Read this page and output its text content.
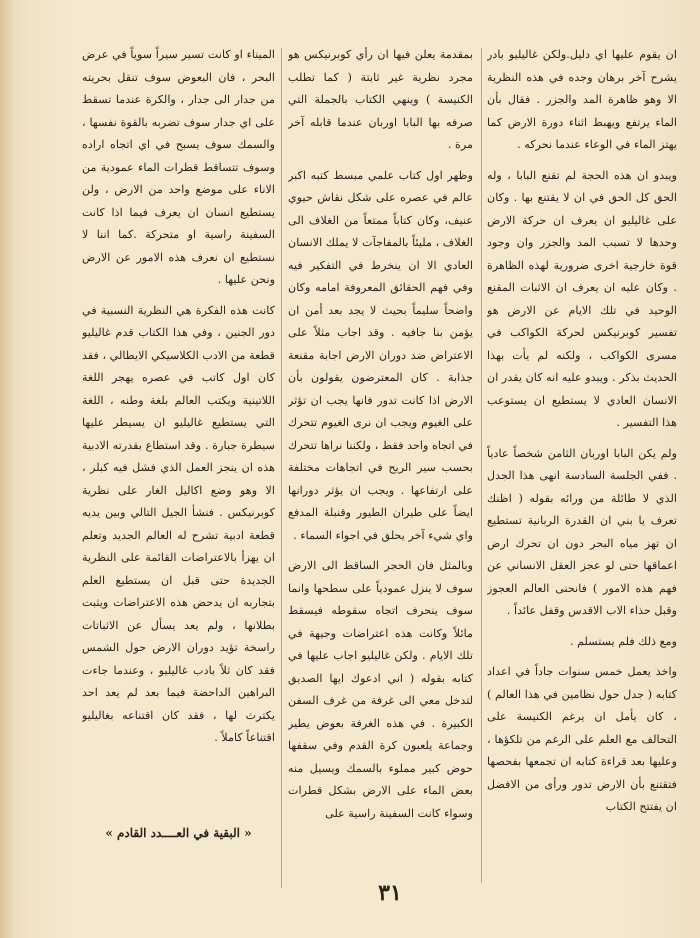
ان يقوم عليها اي دليل.ولكن غاليليو بادر يشرح آخر برهان وجده في هذه النظرية الا وهو ظاهرة المد والجزر . فقال بأن الماء يرتفع ويهبط اثناء دورة الارض كما يهتز الماء في الوعاء عندما نحركه .

ويبدو ان هذه الحجة لم تقنع البابا ، وله الحق كل الحق في ان لا يقتنع بها . وكان على غاليليو ان يعرف ان حركة الارض وحدها لا تسبب المد والجزر وان وجود قوة خارجية اخرى ضرورية لهذه الظاهرة . وكان عليه ان يعرف ان الاثبات المقنع الوحيد في تلك الايام عن الارض هو تفسير كوبرنيكس لحركة الكواكب في مسرى الكواكب ، ولكنه لم يأت بهذا الحديث بذكر . ويبدو عليه انه كان يقدر ان الانسان العادي لا يستطيع ان يستوعب هذا التفسير .

ولم يكن البابا اوربان الثامن شخصاً عادياً . ففي الجلسة السادسة انهى هذا الجدل الذي لا طائلة من ورائه بقوله ( اظنك تعرف يا بني ان القدرة الربانية تستطيع ان تهز مياه البحر دون ان تحرك ارض اعماقها حتى لو عجز العقل الانساني عن فهم هذه الامور ) فانحنى العالم العجوز وقبل حذاء الاب الاقدس وقفل عائداً .

ومع ذلك فلم يستسلم .

واخذ يعمل خمس سنوات جاداً في اعداد كتابه ( جدل حول نظامين في هذا العالم ) ، كان يأمل ان يرغم الكنيسة على التحالف مع العلم على الرغم من تلكؤها ، وعليها بعد قراءة كتابه ان تجمعها بفحصها فتقتنع بأن الارض تدور ورأى من الافضل ان يفتتح الكتاب

بمقدمة يعلن فيها ان رأي كوبرنيكس هو مجرد نظرية غير ثابتة ( كما تطلب الكنيسة ) وينهي الكتاب بالجملة التي صرفه بها البابا اوربان عندما قابله آخر مرة .

وظهر اول كتاب علمي مبسط كتبه اكبر عالم في عصره على شكل نقاش حيوي عنيف، وكان كتاباً ممتعاً من الغلاف الى الغلاف ، مليئاً بالمفاجآت لا يملك الانسان العادي الا ان ينخرط في التفكير فيه وفي فهم الحقائق المعروفة امامه وكان واضحاً سليماً بحيث لا يجد بعد أمن ان يؤمن بنا جافيه . وقد اجاب مثلاً على الاعتراض ضد دوران الارض اجابة مقنعة جذابة . كان المعترضون يقولون بأن الارض اذا كانت تدور فانها يجب ان تؤثر على الغيوم ويجب ان نرى الغيوم تتحرك في اتجاه واحد فقط ، ولكننا نراها تتحرك بحسب سير الريح في اتجاهات مختلفة على ارتفاعها . ويجب ان يؤثر دورانها ايضاً على طيران الطيور وقنبلة المدفع واي شيء آخر يحلق في اجواء السماء .

وبالمثل فان الحجر الساقط الى الارض سوف لا ينزل عمودياً على سطحها وانما سوف ينحرف اتجاه سقوطه فيسقط مائلاً وكانت هذه اعتراضات وجيهة في تلك الايام . ولكن غاليليو اجاب عليها في كتابه بقوله ( اني ادعوك ايها الصديق لتدخل معي الى غرفة من غرف السفن الكبيرة . في هذه الغرفة بعوض يطير وجماعة يلعبون كرة القدم وفي سقفها حوض كبير مملوء بالسمك ويسيل منه بعض الماء على الارض بشكل قطرات وسواء كانت السفينة راسية على

الميناء او كانت تسير سيراً سوياً في عرض البحر ، فان البعوض سوف تنقل بحريته من جدار الى جدار ، والكرة عندما تسقط على اي جدار سوف تضربه بالقوة نفسها ، والسمك سوف يسبح في اي اتجاه اراده وسوف تتساقط قطرات الماء عمودية من الاناء على موضع واحد من الارض ، ولن يستطيع انسان ان يعرف فيما اذا كانت السفينة راسية او متحركة .كما اننا لا نستطيع ان نعرف هذه الامور عن الارض ونحن عليها .

كانت هذه الفكرة هي النظرية النسبية في دور الجنين ، وفي هذا الكتاب قدم غاليليو قطعة من الادب الكلاسيكي الايطالي ، فقد كان اول كاتب في عصره يهجر اللغة اللاتينية ويكتب العالم بلغة وطنه ، اللغة التي يستطيع غاليليو ان يسيطر عليها سيطرة جبارة . وقد استطاع بقدرته الادبية هذه ان ينجز العمل الذي فشل فيه كبلر ، الا وهو وضع اكاليل الغار على نظرية كوبرنيكس . فنشأ الجيل التالي وبين يديه قطعة ادبية تشرح له العالم الجديد وتعلم ان يهزأ بالاعتراضات القائمة على النظرية الجديدة حتى قبل ان يستطيع العلم بتجاربه ان يدحض هذه الاعتراضات ويثبت بطلانها ، ولم يعد يسأل عن الاثباتات راسخة تؤيد دوران الارض حول الشمس فقد كان ثلاً بادب غاليليو ، وعندما جاءت البراهين الداحضة فيما بعد لم يعد احد يكترث لها ، فقد كان اقتناعه بغاليليو اقتناعاً كاملاً .

« البقية في العــــدد القادم »
٣١
